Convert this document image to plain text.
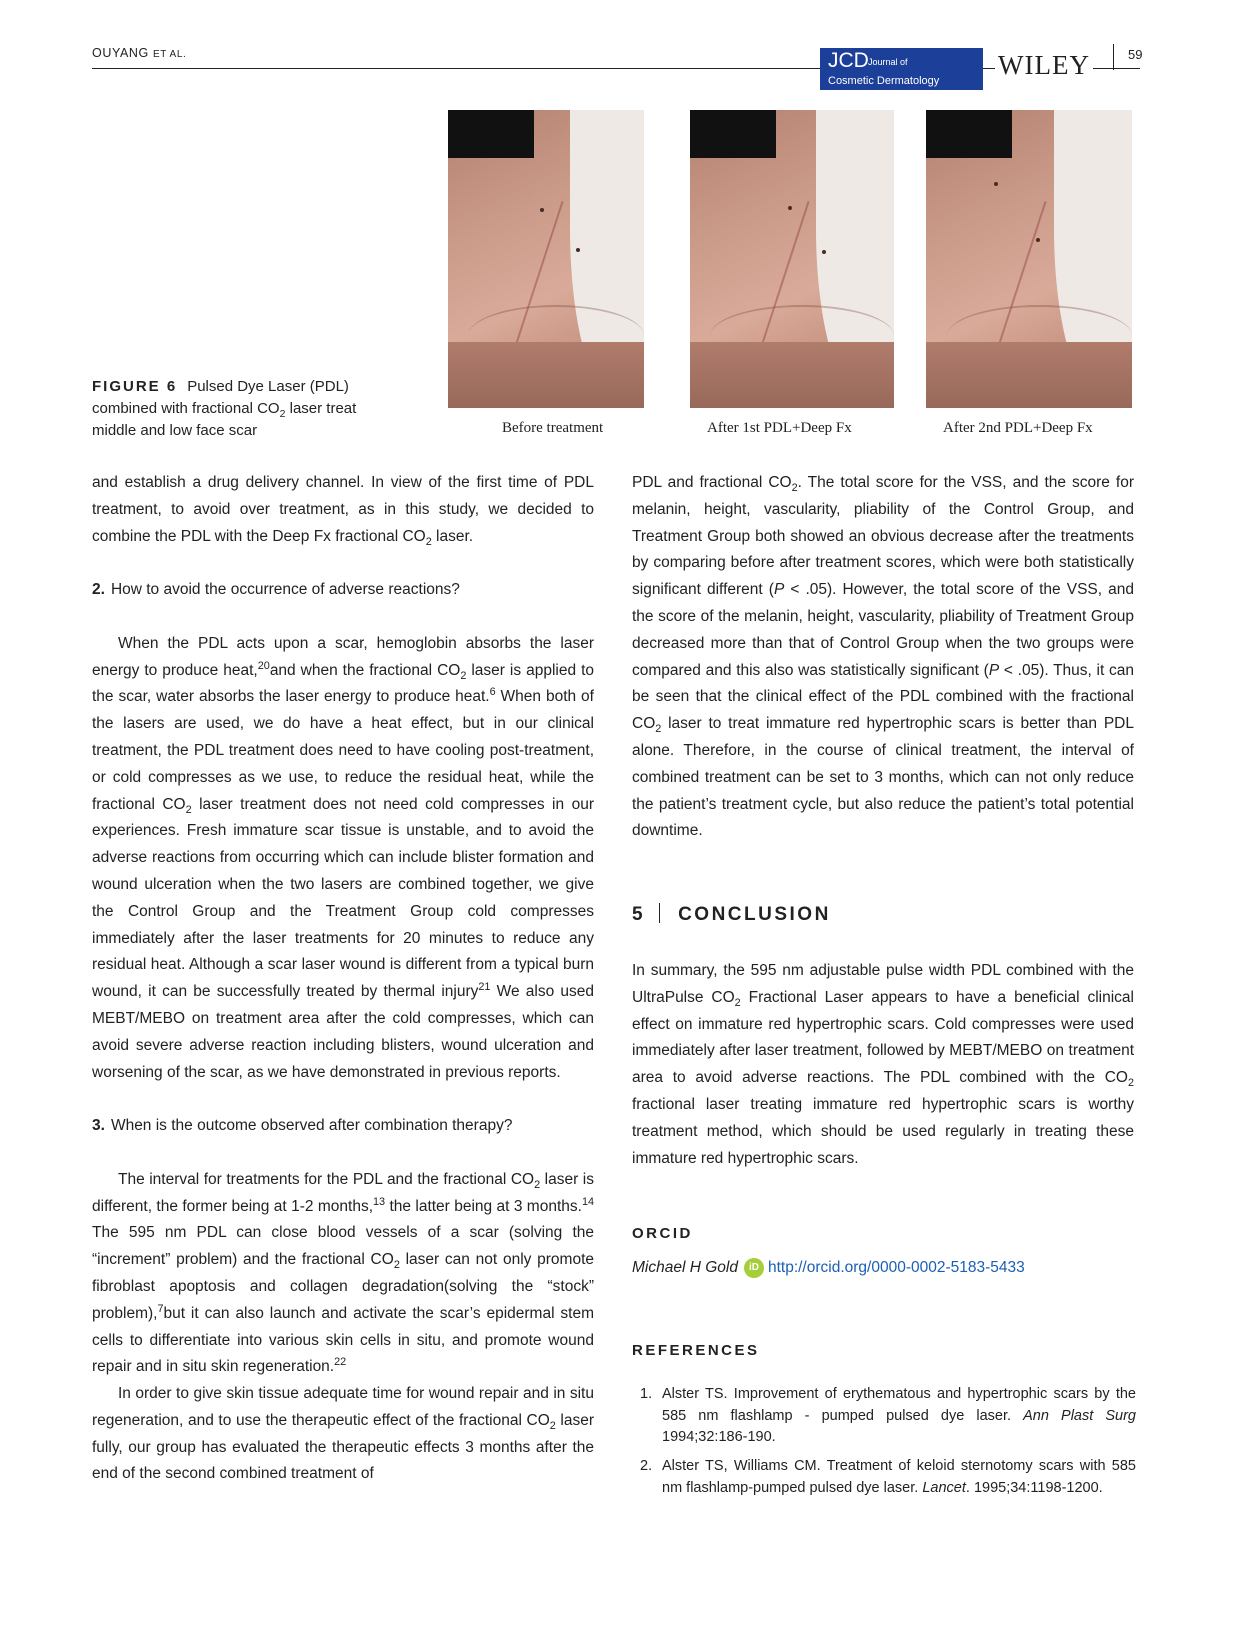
OUYANG ET AL.	JCD Journal of
Cosmetic Dermatology
WILEY	59
Before treatment	After 1st PDL+Deep Fx	After 2nd PDL+Deep Fx
FIGURE 6 Pulsed Dye Laser (PDL) combined with fractional $CO_2$ laser treat middle and low face scar

and establish a drug delivery channel. In view of the first time of PDL treatment, to avoid over treatment, as in this study, we decided to combine the PDL with the Deep Fx fractional $CO_2$ laser.

2. How to avoid the occurrence of adverse reactions?

When the PDL acts upon a scar, hemoglobin absorbs the laser energy to produce heat,$^{20}$and when the fractional $CO_2$ laser is applied to the scar, water absorbs the laser energy to produce heat.$^6$ When both of the lasers are used, we do have a heat effect, but in our clinical treatment, the PDL treatment does need to have cooling post-treatment, or cold compresses as we use, to reduce the residual heat, while the fractional $CO_2$ laser treatment does not need cold compresses in our experiences. Fresh immature scar tissue is unstable, and to avoid the adverse reactions from occurring which can include blister formation and wound ulceration when the two lasers are combined together, we give the Control Group and the Treatment Group cold compresses immediately after the laser treatments for 20 minutes to reduce any residual heat. Although a scar laser wound is different from a typical burn wound, it can be successfully treated by thermal injury$^{21}$ We also used MEBT/MEBO on treatment area after the cold compresses, which can avoid severe adverse reaction including blisters, wound ulceration and worsening of the scar, as we have demonstrated in previous reports.

3. When is the outcome observed after combination therapy?

The interval for treatments for the PDL and the fractional $CO_2$ laser is different, the former being at 1-2 months,$^{13}$ the latter being at 3 months.$^{14}$ The 595 nm PDL can close blood vessels of a scar (solving the “increment” problem) and the fractional $CO_2$ laser can not only promote fibroblast apoptosis and collagen degradation(solving the “stock” problem),$^7$but it can also launch and activate the scar’s epidermal stem cells to differentiate into various skin cells in situ, and promote wound repair and in situ skin regeneration.$^{22}$

In order to give skin tissue adequate time for wound repair and in situ regeneration, and to use the therapeutic effect of the fractional $CO_2$ laser fully, our group has evaluated the therapeutic effects 3 months after the end of the second combined treatment of

PDL and fractional $CO_2$. The total score for the VSS, and the score for melanin, height, vascularity, pliability of the Control Group, and Treatment Group both showed an obvious decrease after the treatments by comparing before after treatment scores, which were both statistically significant different (P < .05). However, the total score of the VSS, and the score of the melanin, height, vascularity, pliability of Treatment Group decreased more than that of Control Group when the two groups were compared and this also was statistically significant (P < .05). Thus, it can be seen that the clinical effect of the PDL combined with the fractional $CO_2$ laser to treat immature red hypertrophic scars is better than PDL alone. Therefore, in the course of clinical treatment, the interval of combined treatment can be set to 3 months, which can not only reduce the patient’s treatment cycle, but also reduce the patient’s total potential downtime.

5 CONCLUSION

In summary, the 595 nm adjustable pulse width PDL combined with the UltraPulse $CO_2$ Fractional Laser appears to have a beneficial clinical effect on immature red hypertrophic scars. Cold compresses were used immediately after laser treatment, followed by MEBT/MEBO on treatment area to avoid adverse reactions. The PDL combined with the $CO_2$ fractional laser treating immature red hypertrophic scars is worthy treatment method, which should be used regularly in treating these immature red hypertrophic scars.

ORCID
Michael H Gold iD http://orcid.org/0000-0002-5183-5433
REFERENCES
1. Alster TS. Improvement of erythematous and hypertrophic scars by the 585 nm flashlamp - pumped pulsed dye laser. Ann Plast Surg 1994;32:186-190.
2. Alster TS, Williams CM. Treatment of keloid sternotomy scars with 585 nm flashlamp-pumped pulsed dye laser. Lancet. 1995;34:1198-1200.
